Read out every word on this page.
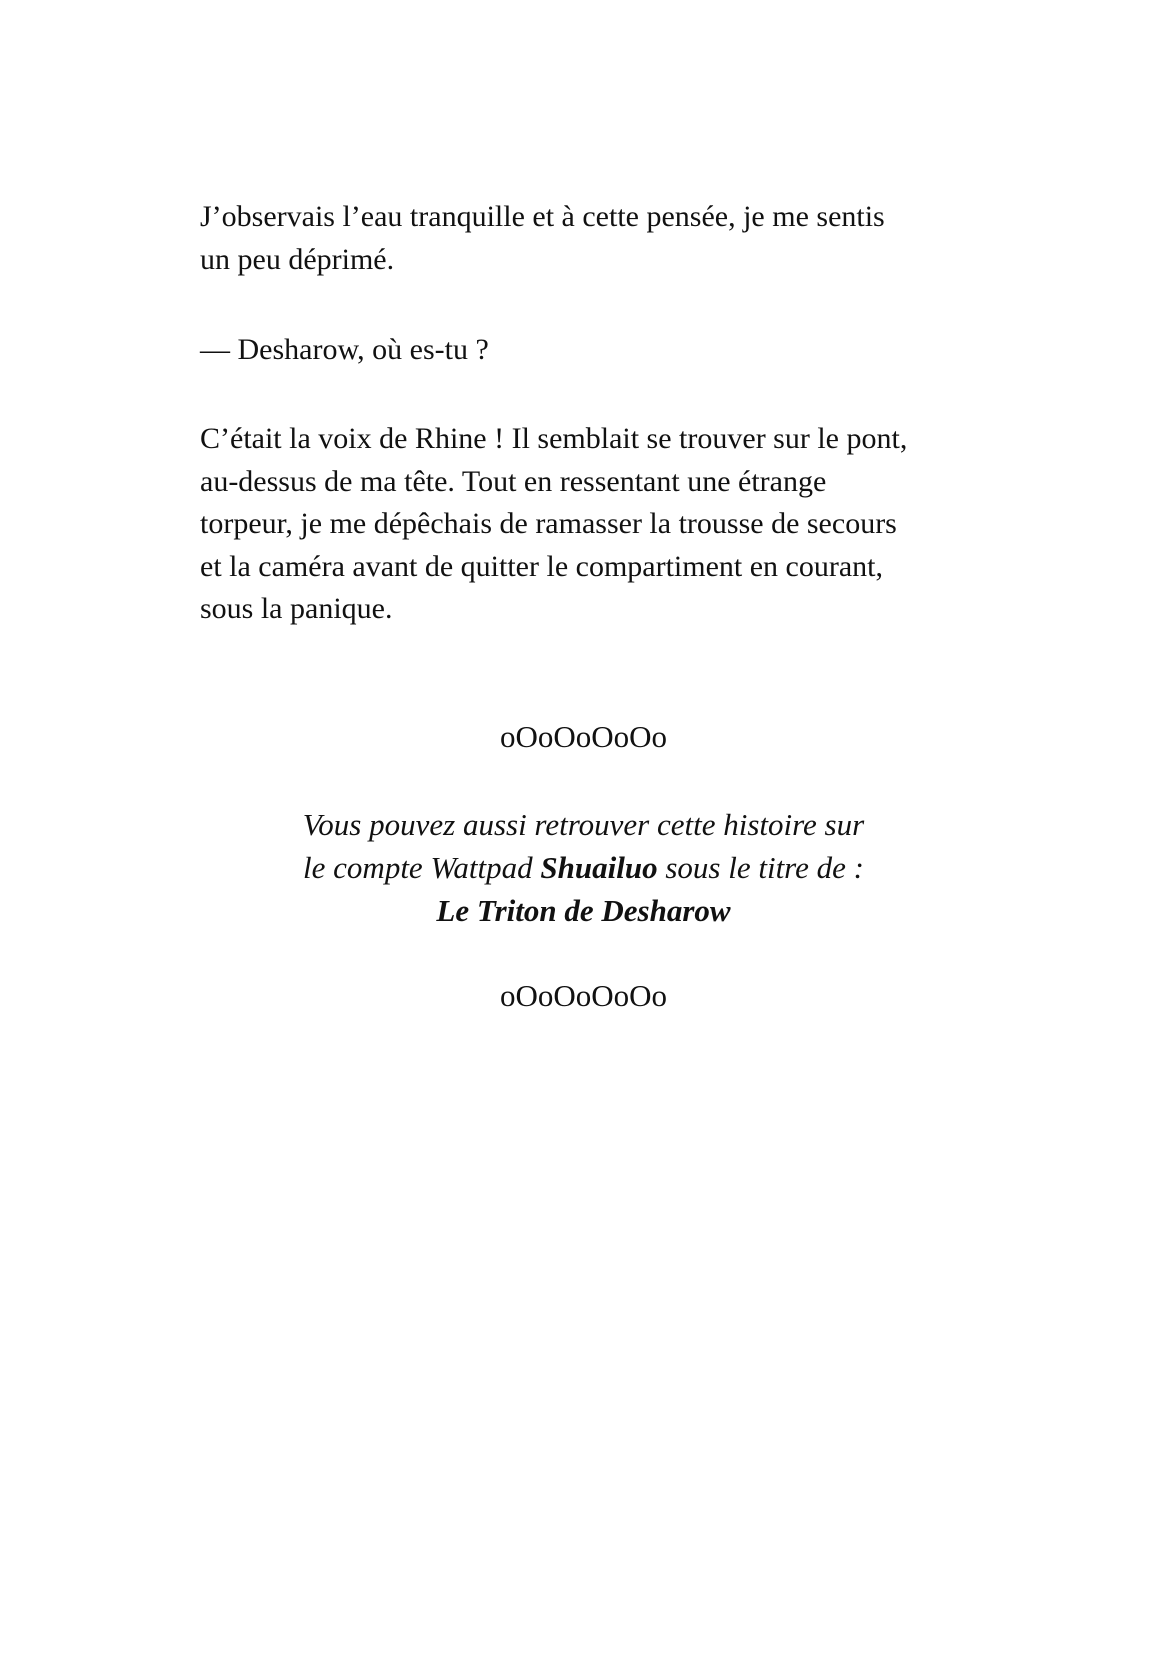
J’observais l’eau tranquille et à cette pensée, je me sentis
un peu déprimé.

— Desharow, où es-tu ?

C’était la voix de Rhine ! Il semblait se trouver sur le pont,
au-dessus de ma tête. Tout en ressentant une étrange
torpeur, je me dépêchais de ramasser la trousse de secours
et la caméra avant de quitter le compartiment en courant,
sous la panique.

oOoOoOoOo

Vous pouvez aussi retrouver cette histoire sur
le compte Wattpad Shuailuo sous le titre de :
Le Triton de Desharow

oOoOoOoOo
